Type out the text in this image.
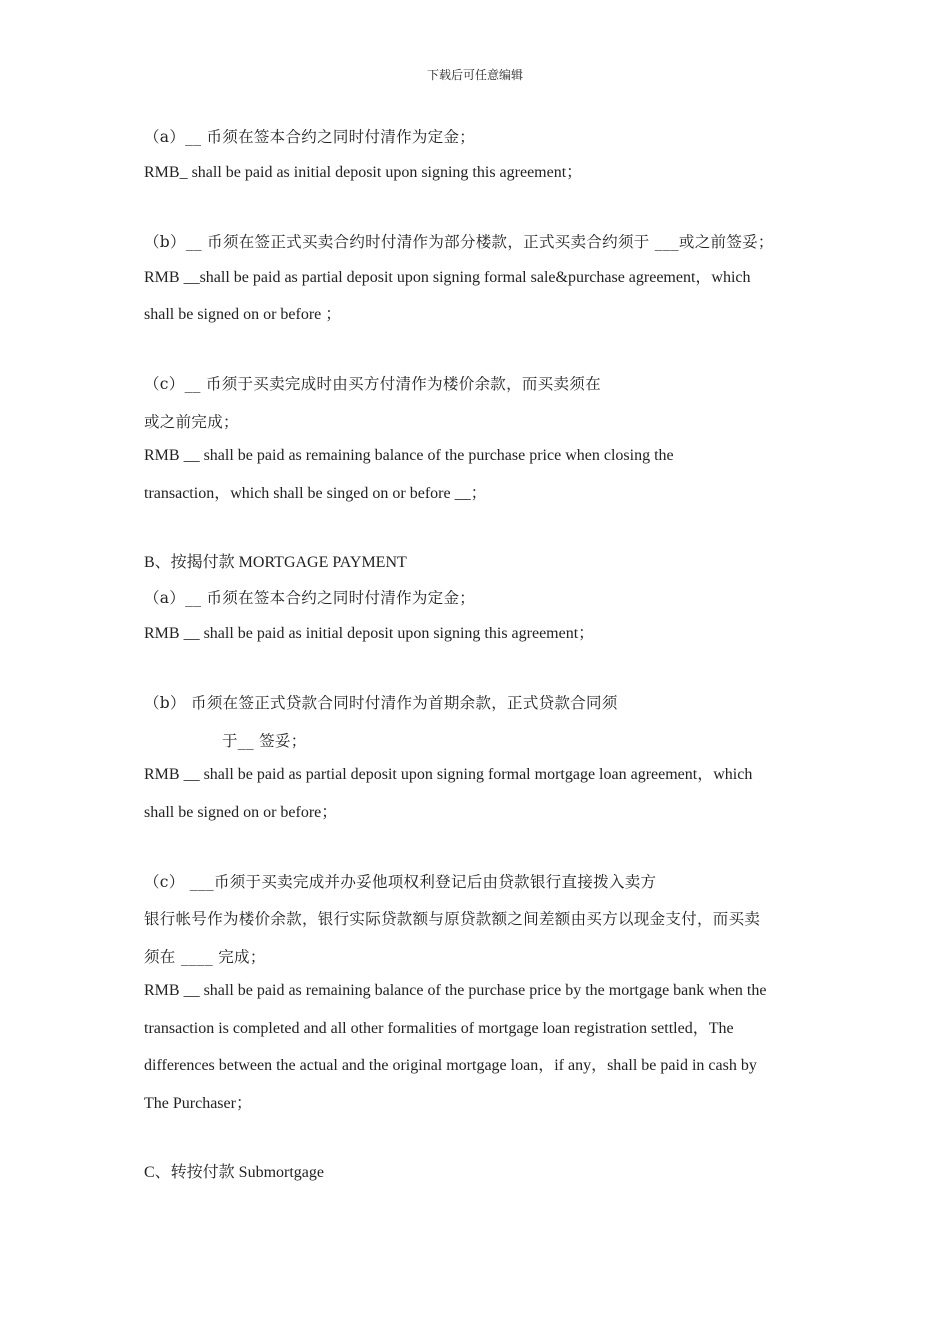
下载后可任意编辑
（a）__ 币须在签本合约之同时付清作为定金；
RMB_ shall be paid as initial deposit upon signing this agreement；
（b）__ 币须在签正式买卖合约时付清作为部分楼款，正式买卖合约须于 ___或之前签妥；
RMB __shall be paid as partial deposit upon signing formal sale&purchase agreement，which
shall be signed on or before ；
（c）__ 币须于买卖完成时由买方付清作为楼价余款，而买卖须在
或之前完成；
RMB __ shall be paid as remaining balance of the purchase price when closing the
transaction，which shall be singed on or before __；
B、按揭付款 MORTGAGE PAYMENT
（a）__ 币须在签本合约之同时付清作为定金；
RMB __ shall be paid as initial deposit upon signing this agreement；
（b） 币须在签正式贷款合同时付清作为首期余款，正式贷款合同须
于__ 签妥；
RMB __ shall be paid as partial deposit upon signing formal mortgage loan agreement，which
shall be signed on or before；
（c） ___币须于买卖完成并办妥他项权利登记后由贷款银行直接拨入卖方
银行帐号作为楼价余款，银行实际贷款额与原贷款额之间差额由买方以现金支付，而买卖
须在 ____ 完成；
RMB __ shall be paid as remaining balance of the purchase price by the mortgage bank when the
transaction is completed and all other formalities of mortgage loan registration settled，The
differences between the actual and the original mortgage loan，if any，shall be paid in cash by
The Purchaser；
C、转按付款 Submortgage
